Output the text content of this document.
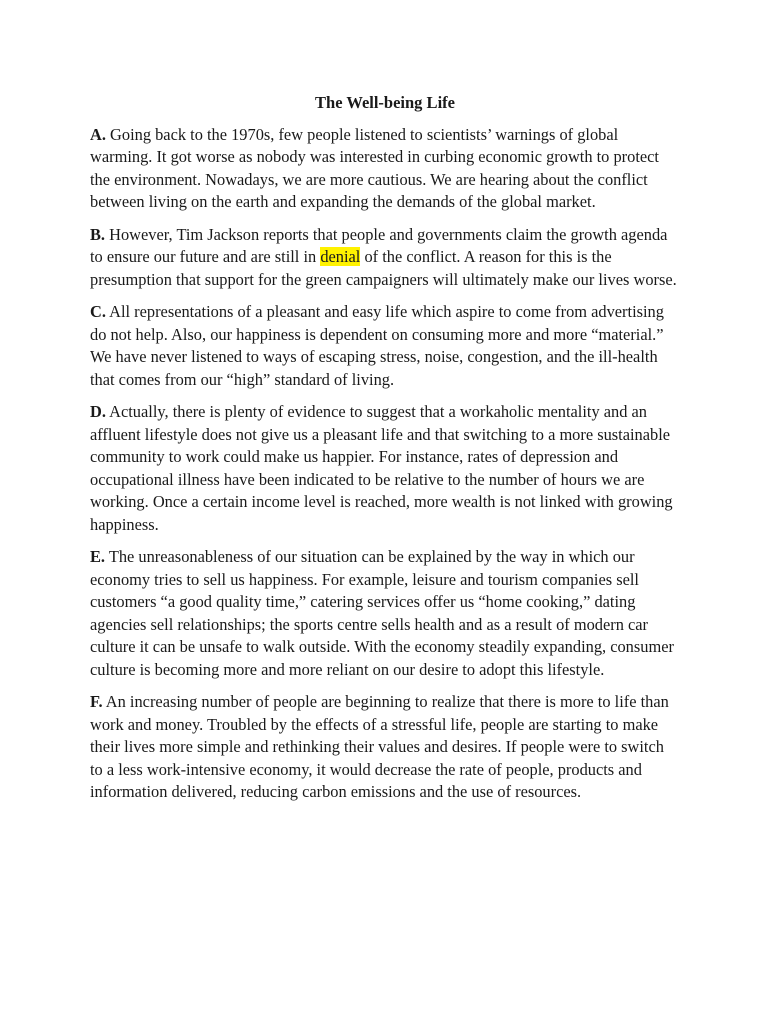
The Well-being Life

A. Going back to the 1970s, few people listened to scientists’ warnings of global warming. It got worse as nobody was interested in curbing economic growth to protect the environment. Nowadays, we are more cautious. We are hearing about the conflict between living on the earth and expanding the demands of the global market.

B. However, Tim Jackson reports that people and governments claim the growth agenda to ensure our future and are still in denial of the conflict. A reason for this is the presumption that support for the green campaigners will ultimately make our lives worse.

C. All representations of a pleasant and easy life which aspire to come from advertising do not help. Also, our happiness is dependent on consuming more and more “material.” We have never listened to ways of escaping stress, noise, congestion, and the ill-health that comes from our “high” standard of living.

D. Actually, there is plenty of evidence to suggest that a workaholic mentality and an affluent lifestyle does not give us a pleasant life and that switching to a more sustainable community to work could make us happier. For instance, rates of depression and occupational illness have been indicated to be relative to the number of hours we are working. Once a certain income level is reached, more wealth is not linked with growing happiness.

E. The unreasonableness of our situation can be explained by the way in which our economy tries to sell us happiness. For example, leisure and tourism companies sell customers “a good quality time,” catering services offer us “home cooking,” dating agencies sell relationships; the sports centre sells health and as a result of modern car culture it can be unsafe to walk outside. With the economy steadily expanding, consumer culture is becoming more and more reliant on our desire to adopt this lifestyle.

F. An increasing number of people are beginning to realize that there is more to life than work and money. Troubled by the effects of a stressful life, people are starting to make their lives more simple and rethinking their values and desires. If people were to switch to a less work-intensive economy, it would decrease the rate of people, products and information delivered, reducing carbon emissions and the use of resources.
